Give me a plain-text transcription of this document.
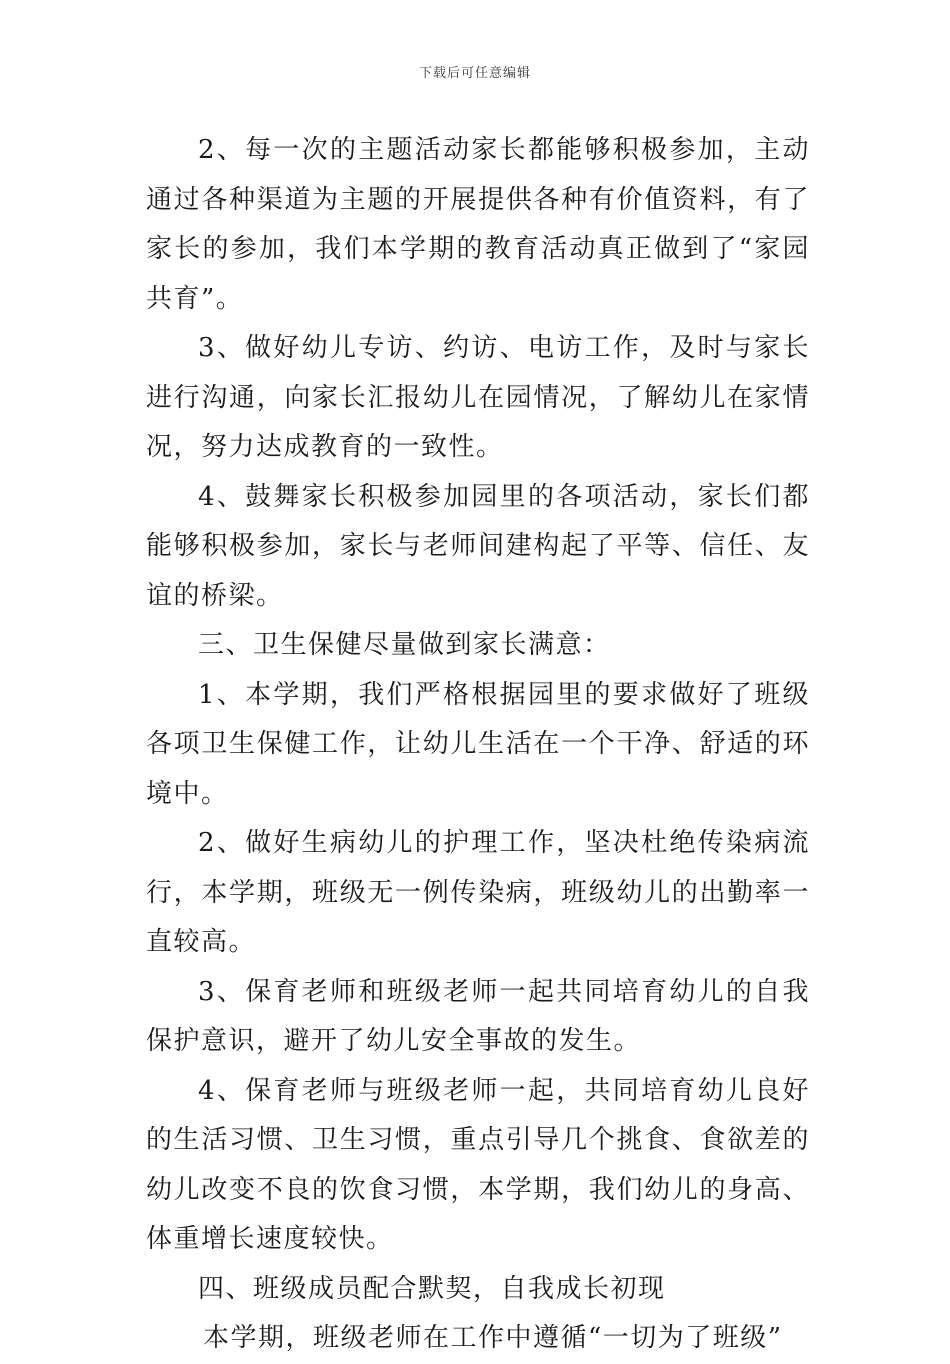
下载后可任意编辑

2、每一次的主题活动家长都能够积极参加，主动通过各种渠道为主题的开展提供各种有价值资料，有了家长的参加，我们本学期的教育活动真正做到了“家园共育”。

3、做好幼儿专访、约访、电访工作，及时与家长进行沟通，向家长汇报幼儿在园情况，了解幼儿在家情况，努力达成教育的一致性。

4、鼓舞家长积极参加园里的各项活动，家长们都能够积极参加，家长与老师间建构起了平等、信任、友谊的桥梁。

三、卫生保健尽量做到家长满意：

1、本学期，我们严格根据园里的要求做好了班级各项卫生保健工作，让幼儿生活在一个干净、舒适的环境中。

2、做好生病幼儿的护理工作，坚决杜绝传染病流行，本学期，班级无一例传染病，班级幼儿的出勤率一直较高。

3、保育老师和班级老师一起共同培育幼儿的自我保护意识，避开了幼儿安全事故的发生。

4、保育老师与班级老师一起，共同培育幼儿良好的生活习惯、卫生习惯，重点引导几个挑食、食欲差的幼儿改变不良的饮食习惯，本学期，我们幼儿的身高、体重增长速度较快。

四、班级成员配合默契，自我成长初现

本学期，班级老师在工作中遵循“一切为了班级”
